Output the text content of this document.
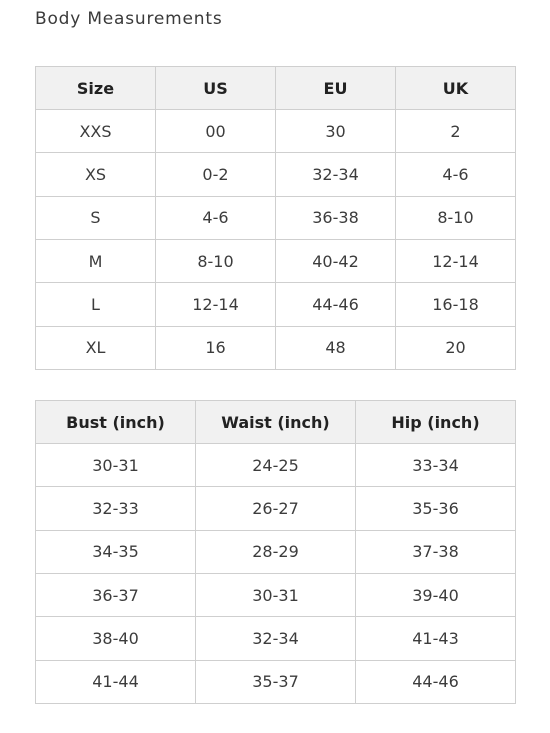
Body Measurements
Size	US	EU	UK
XXS	00	30	2
XS	0-2	32-34	4-6
S	4-6	36-38	8-10
M	8-10	40-42	12-14
L	12-14	44-46	16-18
XL	16	48	20
Bust (inch)	Waist (inch)	Hip (inch)
30-31	24-25	33-34
32-33	26-27	35-36
34-35	28-29	37-38
36-37	30-31	39-40
38-40	32-34	41-43
41-44	35-37	44-46
